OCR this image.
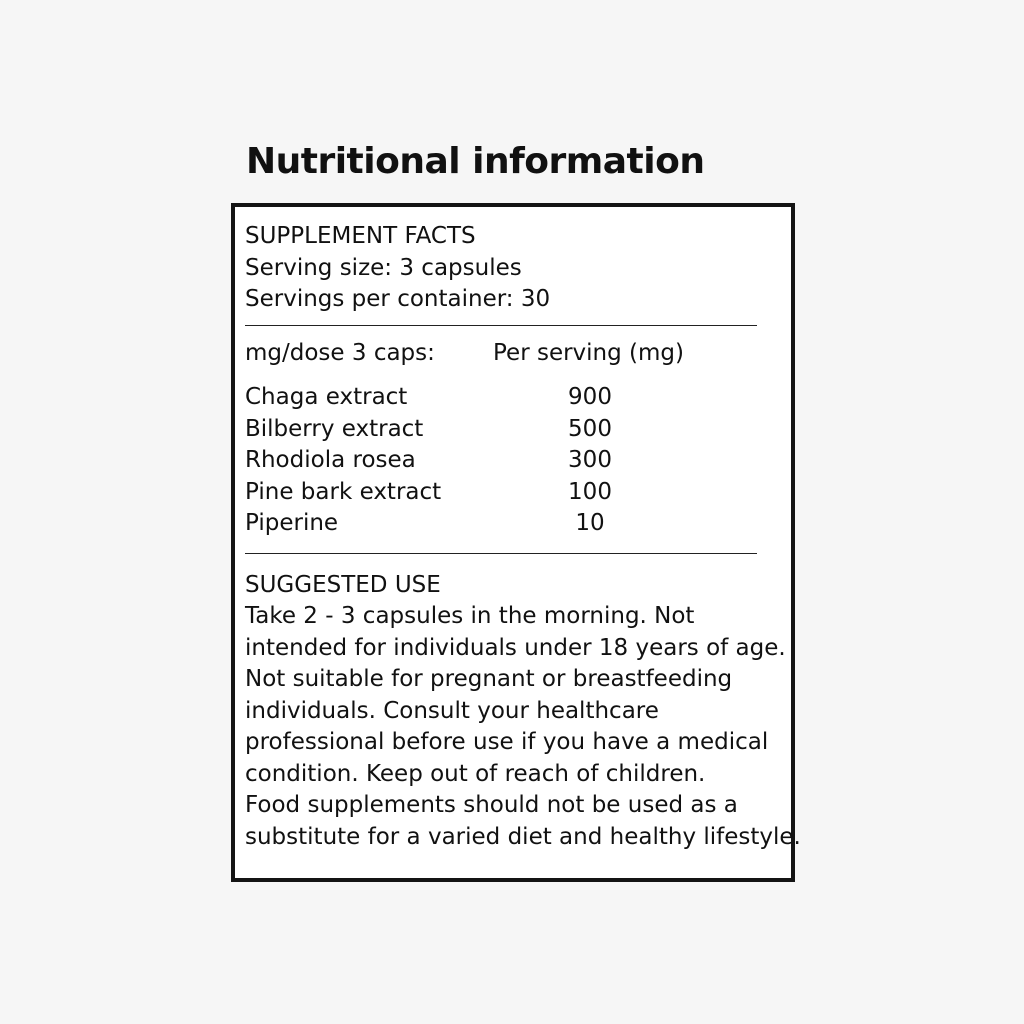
Nutritional information

SUPPLEMENT FACTS

Serving size: 3 capsules

Servings per container: 30

mg/dose 3 caps:	Per serving (mg)

Chaga extract	900

Bilberry extract	500

Rhodiola rosea	300

Pine bark extract	100

Piperine	10

SUGGESTED USE

Take 2 - 3 capsules in the morning. Not
intended for individuals under 18 years of age.
Not suitable for pregnant or breastfeeding
individuals. Consult your healthcare
professional before use if you have a medical
condition. Keep out of reach of children.
Food supplements should not be used as a
substitute for a varied diet and healthy lifestyle.
